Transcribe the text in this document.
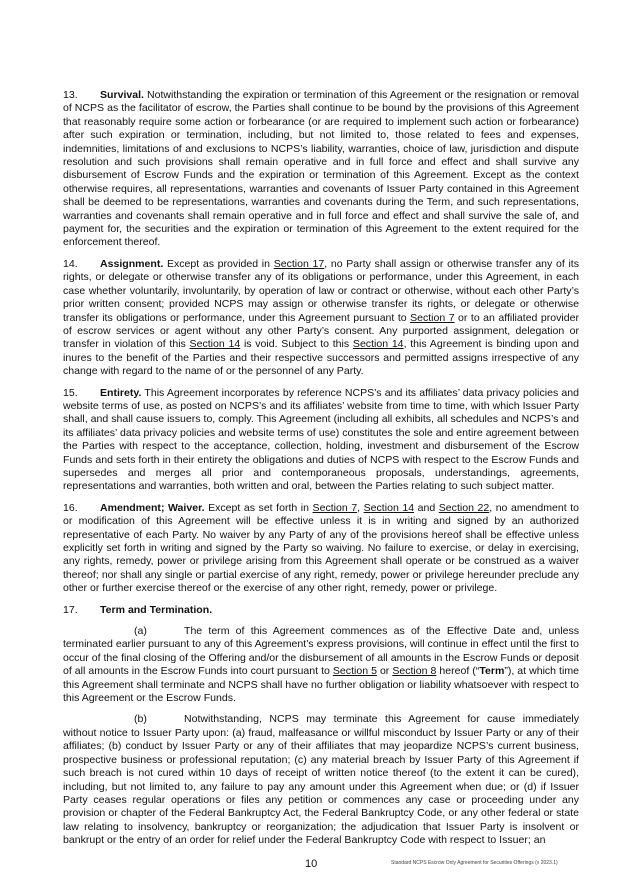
13. Survival. Notwithstanding the expiration or termination of this Agreement or the resignation or removal of NCPS as the facilitator of escrow, the Parties shall continue to be bound by the provisions of this Agreement that reasonably require some action or forbearance (or are required to implement such action or forbearance) after such expiration or termination, including, but not limited to, those related to fees and expenses, indemnities, limitations of and exclusions to NCPS’s liability, warranties, choice of law, jurisdiction and dispute resolution and such provisions shall remain operative and in full force and effect and shall survive any disbursement of Escrow Funds and the expiration or termination of this Agreement. Except as the context otherwise requires, all representations, warranties and covenants of Issuer Party contained in this Agreement shall be deemed to be representations, warranties and covenants during the Term, and such representations, warranties and covenants shall remain operative and in full force and effect and shall survive the sale of, and payment for, the securities and the expiration or termination of this Agreement to the extent required for the enforcement thereof.

14. Assignment. Except as provided in Section 17, no Party shall assign or otherwise transfer any of its rights, or delegate or otherwise transfer any of its obligations or performance, under this Agreement, in each case whether voluntarily, involuntarily, by operation of law or contract or otherwise, without each other Party’s prior written consent; provided NCPS may assign or otherwise transfer its rights, or delegate or otherwise transfer its obligations or performance, under this Agreement pursuant to Section 7 or to an affiliated provider of escrow services or agent without any other Party’s consent. Any purported assignment, delegation or transfer in violation of this Section 14 is void. Subject to this Section 14, this Agreement is binding upon and inures to the benefit of the Parties and their respective successors and permitted assigns irrespective of any change with regard to the name of or the personnel of any Party.

15. Entirety. This Agreement incorporates by reference NCPS’s and its affiliates’ data privacy policies and website terms of use, as posted on NCPS’s and its affiliates’ website from time to time, with which Issuer Party shall, and shall cause issuers to, comply. This Agreement (including all exhibits, all schedules and NCPS’s and its affiliates’ data privacy policies and website terms of use) constitutes the sole and entire agreement between the Parties with respect to the acceptance, collection, holding, investment and disbursement of the Escrow Funds and sets forth in their entirety the obligations and duties of NCPS with respect to the Escrow Funds and supersedes and merges all prior and contemporaneous proposals, understandings, agreements, representations and warranties, both written and oral, between the Parties relating to such subject matter.

16. Amendment; Waiver. Except as set forth in Section 7, Section 14 and Section 22, no amendment to or modification of this Agreement will be effective unless it is in writing and signed by an authorized representative of each Party. No waiver by any Party of any of the provisions hereof shall be effective unless explicitly set forth in writing and signed by the Party so waiving. No failure to exercise, or delay in exercising, any rights, remedy, power or privilege arising from this Agreement shall operate or be construed as a waiver thereof; nor shall any single or partial exercise of any right, remedy, power or privilege hereunder preclude any other or further exercise thereof or the exercise of any other right, remedy, power or privilege.

17. Term and Termination.

(a)	The term of this Agreement commences as of the Effective Date and, unless terminated earlier pursuant to any of this Agreement’s express provisions, will continue in effect until the first to occur of the final closing of the Offering and/or the disbursement of all amounts in the Escrow Funds or deposit of all amounts in the Escrow Funds into court pursuant to Section 5 or Section 8 hereof (“Term”), at which time this Agreement shall terminate and NCPS shall have no further obligation or liability whatsoever with respect to this Agreement or the Escrow Funds.

(b)	Notwithstanding, NCPS may terminate this Agreement for cause immediately without notice to Issuer Party upon: (a) fraud, malfeasance or willful misconduct by Issuer Party or any of their affiliates; (b) conduct by Issuer Party or any of their affiliates that may jeopardize NCPS’s current business, prospective business or professional reputation; (c) any material breach by Issuer Party of this Agreement if such breach is not cured within 10 days of receipt of written notice thereof (to the extent it can be cured), including, but not limited to, any failure to pay any amount under this Agreement when due; or (d) if Issuer Party ceases regular operations or files any petition or commences any case or proceeding under any provision or chapter of the Federal Bankruptcy Act, the Federal Bankruptcy Code, or any other federal or state law relating to insolvency, bankruptcy or reorganization; the adjudication that Issuer Party is insolvent or bankrupt or the entry of an order for relief under the Federal Bankruptcy Code with respect to Issuer; an

10	Standard NCPS Escrow Only Agreement for Securities Offerings (v 2023.1)
